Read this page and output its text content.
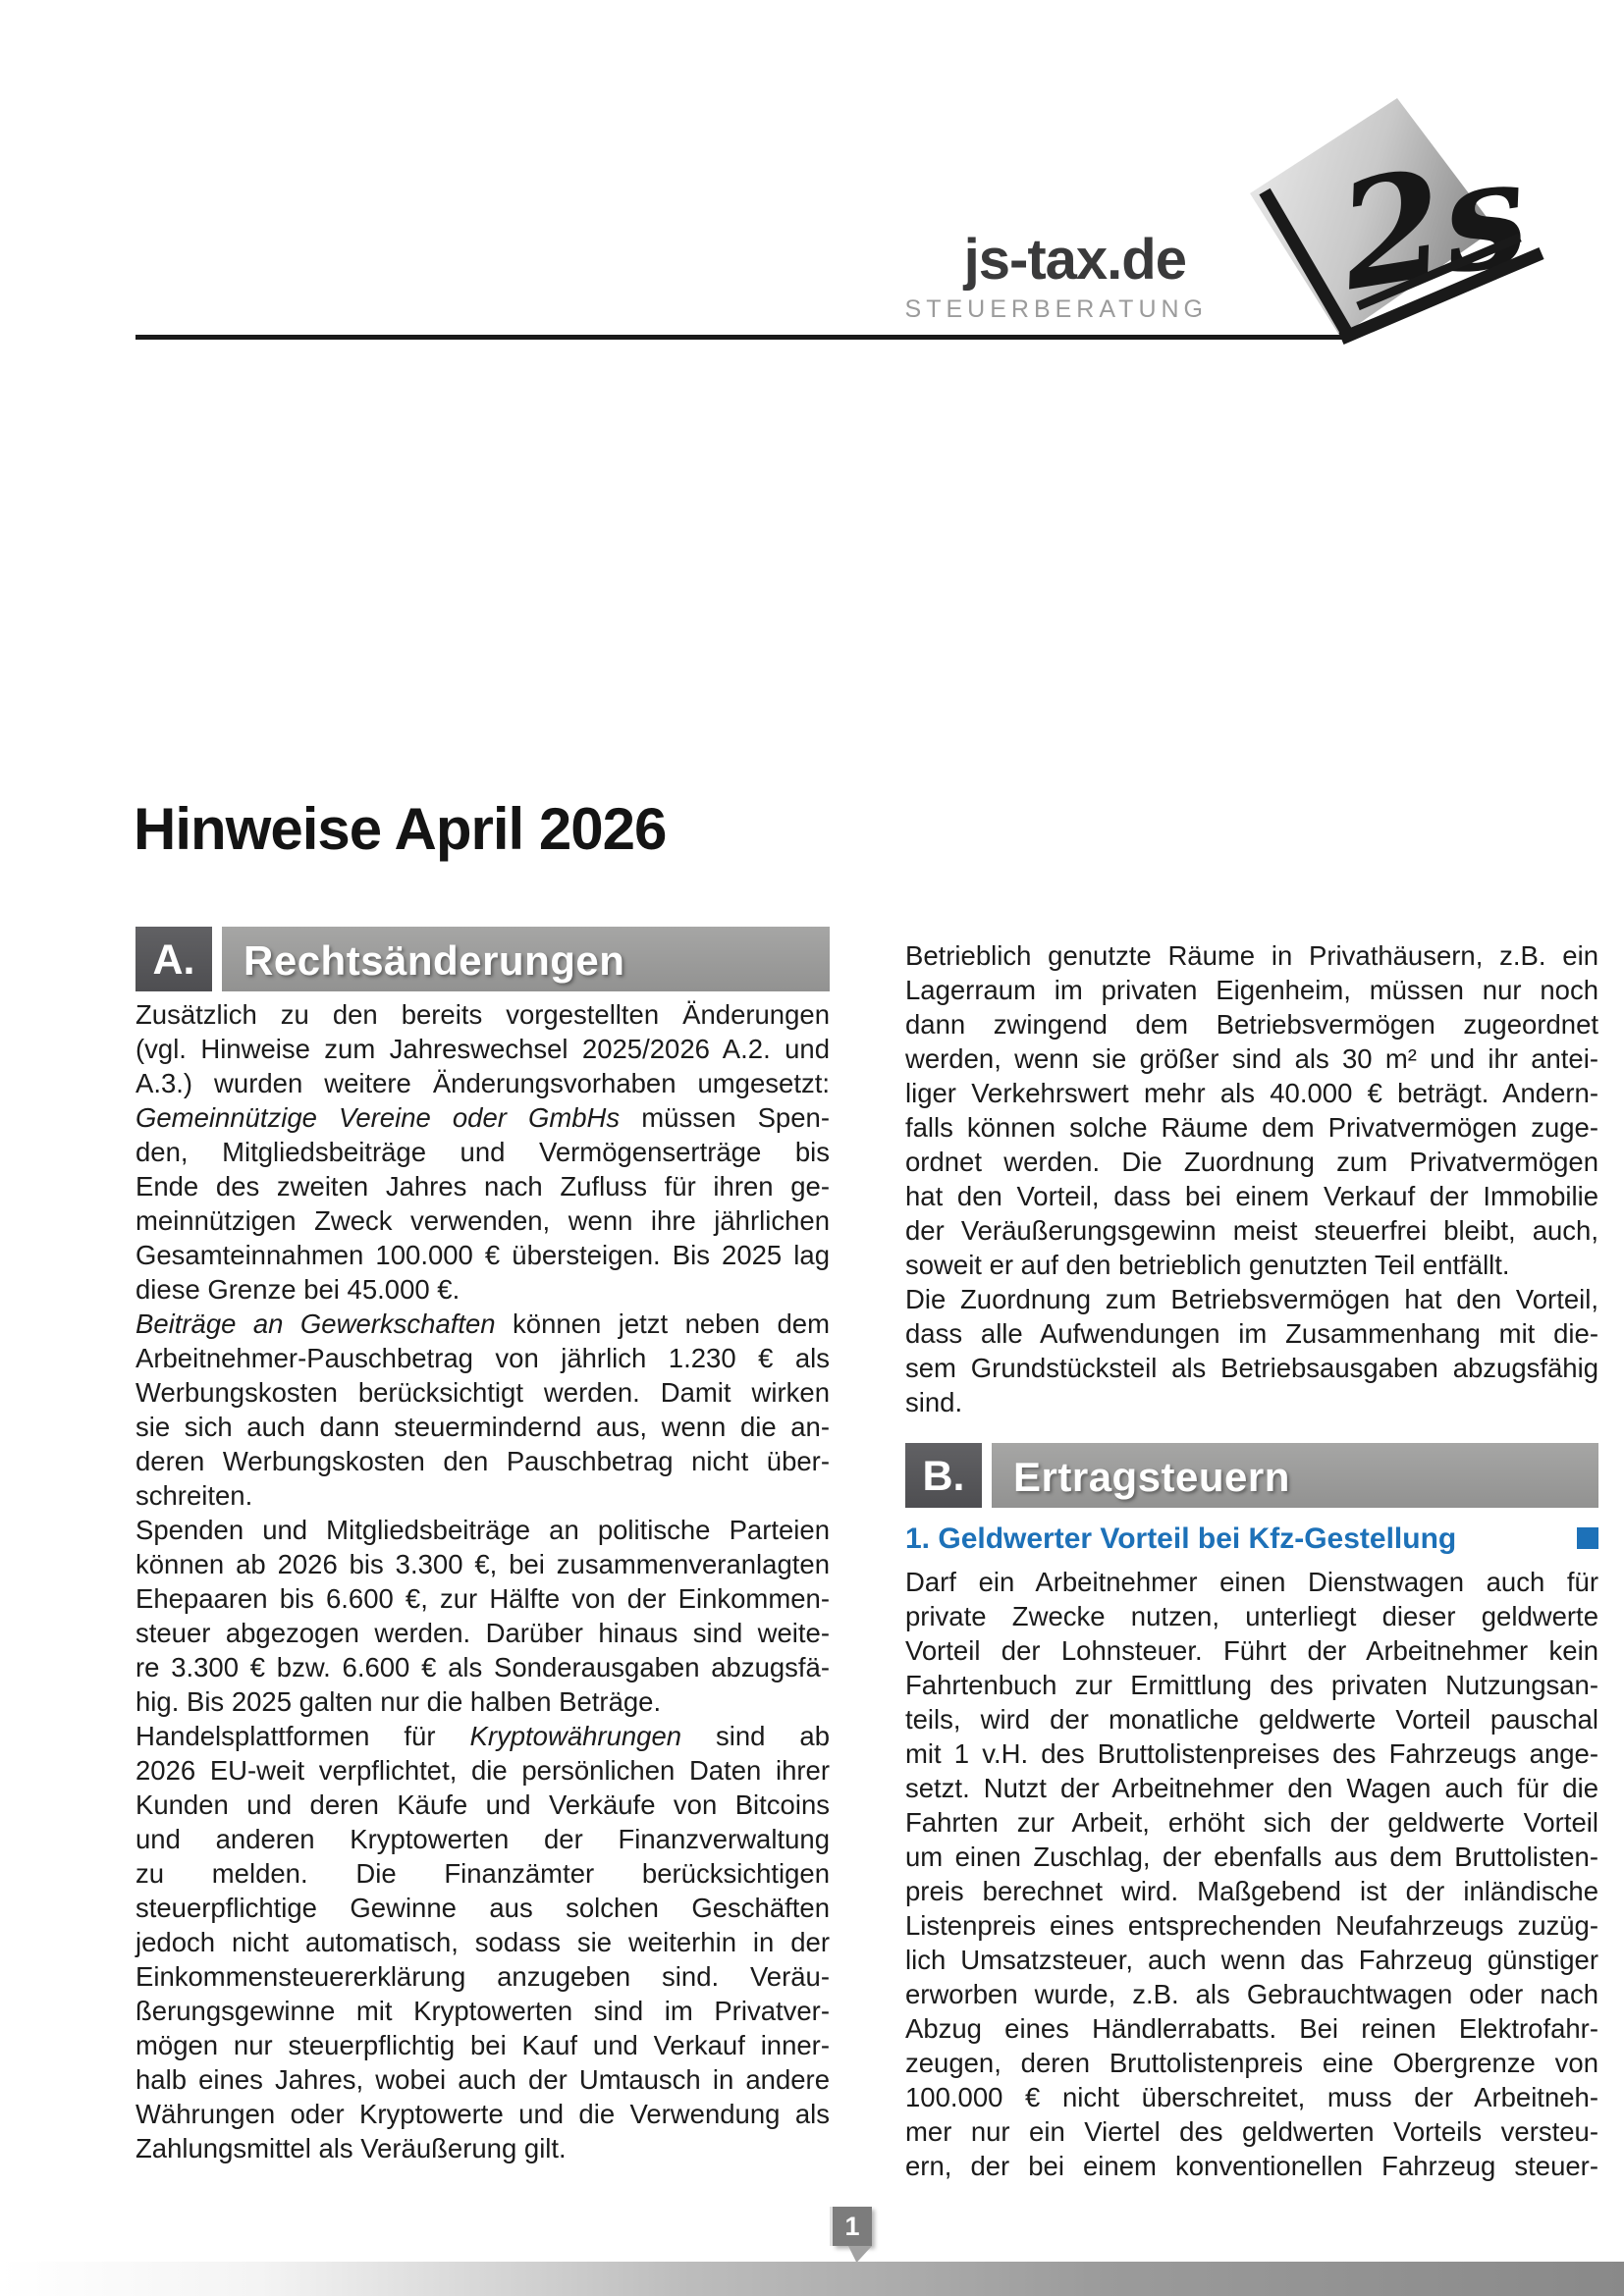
js-tax.de
STEUERBERATUNG 2s
Hinweise April 2026
A.	Rechtsänderungen
Zusätzlich zu den bereits vorgestellten Änderungen
(vgl. Hinweise zum Jahreswechsel 2025/2026 A.2. und
A.3.) wurden weitere Änderungsvorhaben umgesetzt:
Gemeinnützige Vereine oder GmbHs müssen Spen-
den, Mitgliedsbeiträge und Vermögenserträge bis
Ende des zweiten Jahres nach Zufluss für ihren ge-
meinnützigen Zweck verwenden, wenn ihre jährlichen
Gesamteinnahmen 100.000 € übersteigen. Bis 2025 lag
diese Grenze bei 45.000 €.
Beiträge an Gewerkschaften können jetzt neben dem
Arbeitnehmer-Pauschbetrag von jährlich 1.230 € als
Werbungskosten berücksichtigt werden. Damit wirken
sie sich auch dann steuermindernd aus, wenn die an-
deren Werbungskosten den Pauschbetrag nicht über-
schreiten.
Spenden und Mitgliedsbeiträge an politische Parteien
können ab 2026 bis 3.300 €, bei zusammenveranlagten
Ehepaaren bis 6.600 €, zur Hälfte von der Einkommen-
steuer abgezogen werden. Darüber hinaus sind weite-
re 3.300 € bzw. 6.600 € als Sonderausgaben abzugsfä-
hig. Bis 2025 galten nur die halben Beträge.
Handelsplattformen für Kryptowährungen sind ab
2026 EU-weit verpflichtet, die persönlichen Daten ihrer
Kunden und deren Käufe und Verkäufe von Bitcoins
und anderen Kryptowerten der Finanzverwaltung
zu melden. Die Finanzämter berücksichtigen
steuerpflichtige Gewinne aus solchen Geschäften
jedoch nicht automatisch, sodass sie weiterhin in der
Einkommensteuererklärung anzugeben sind. Veräu-
ßerungsgewinne mit Kryptowerten sind im Privatver-
mögen nur steuerpflichtig bei Kauf und Verkauf inner-
halb eines Jahres, wobei auch der Umtausch in andere
Währungen oder Kryptowerte und die Verwendung als
Zahlungsmittel als Veräußerung gilt.
Betrieblich genutzte Räume in Privathäusern, z.B. ein
Lagerraum im privaten Eigenheim, müssen nur noch
dann zwingend dem Betriebsvermögen zugeordnet
werden, wenn sie größer sind als 30 m² und ihr antei-
liger Verkehrswert mehr als 40.000 € beträgt. Andern-
falls können solche Räume dem Privatvermögen zuge-
ordnet werden. Die Zuordnung zum Privatvermögen
hat den Vorteil, dass bei einem Verkauf der Immobilie
der Veräußerungsgewinn meist steuerfrei bleibt, auch,
soweit er auf den betrieblich genutzten Teil entfällt.
Die Zuordnung zum Betriebsvermögen hat den Vorteil,
dass alle Aufwendungen im Zusammenhang mit die-
sem Grundstücksteil als Betriebsausgaben abzugsfähig
sind.
B.	Ertragsteuern
1. Geldwerter Vorteil bei Kfz-Gestellung
Darf ein Arbeitnehmer einen Dienstwagen auch für
private Zwecke nutzen, unterliegt dieser geldwerte
Vorteil der Lohnsteuer. Führt der Arbeitnehmer kein
Fahrtenbuch zur Ermittlung des privaten Nutzungsan-
teils, wird der monatliche geldwerte Vorteil pauschal
mit 1 v.H. des Bruttolistenpreises des Fahrzeugs ange-
setzt. Nutzt der Arbeitnehmer den Wagen auch für die
Fahrten zur Arbeit, erhöht sich der geldwerte Vorteil
um einen Zuschlag, der ebenfalls aus dem Bruttolisten-
preis berechnet wird. Maßgebend ist der inländische
Listenpreis eines entsprechenden Neufahrzeugs zuzüg-
lich Umsatzsteuer, auch wenn das Fahrzeug günstiger
erworben wurde, z.B. als Gebrauchtwagen oder nach
Abzug eines Händlerrabatts. Bei reinen Elektrofahr-
zeugen, deren Bruttolistenpreis eine Obergrenze von
100.000 € nicht überschreitet, muss der Arbeitneh-
mer nur ein Viertel des geldwerten Vorteils versteu-
ern, der bei einem konventionellen Fahrzeug steuer-
1
